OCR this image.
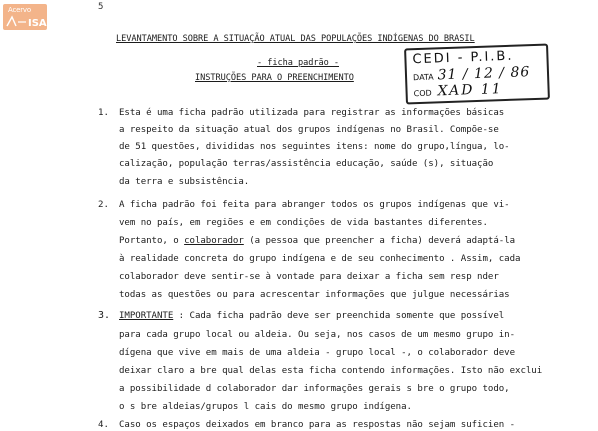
Acervo
ISA
5
LEVANTAMENTO SOBRE A SITUAÇÃO ATUAL DAS POPULAÇÕES INDÍGENAS DO BRASIL
- ficha padrão -
INSTRUÇÕES PARA O PREENCHIMENTO
CEDI - P.I.B.
DATA 31 / 12 / 86
COD XAD 11
1. Esta é uma ficha padrão utilizada para registrar as informações básicas
a respeito da situação atual dos grupos indígenas no Brasil. Compõe-se
de 51 questões, divididas nos seguintes itens: nome do grupo,língua, lo-
calização, população terras/assistência educação, saúde (s), situação
da terra e subsistência.
2. A ficha padrão foi feita para abranger todos os grupos indígenas que vi-
vem no país, em regiões e em condições de vida bastantes diferentes.
Portanto, o colaborador (a pessoa que preencher a ficha) deverá adaptá-la
à realidade concreta do grupo indígena e de seu conhecimento . Assim, cada
colaborador deve sentir-se à vontade para deixar a ficha sem resp nder
todas as questões ou para acrescentar informações que julgue necessárias
3. IMPORTANTE : Cada ficha padrão deve ser preenchida somente que possível
para cada grupo local ou aldeia. Ou seja, nos casos de um mesmo grupo in-
dígena que vive em mais de uma aldeia - grupo local -, o colaborador deve
deixar claro a bre qual delas esta ficha contendo informações. Isto não exclui
a possibilidade d colaborador dar informações gerais s bre o grupo todo,
o s bre aldeias/grupos l cais do mesmo grupo indígena.
4. Caso os espaços deixados em branco para as respostas não sejam suficien -
